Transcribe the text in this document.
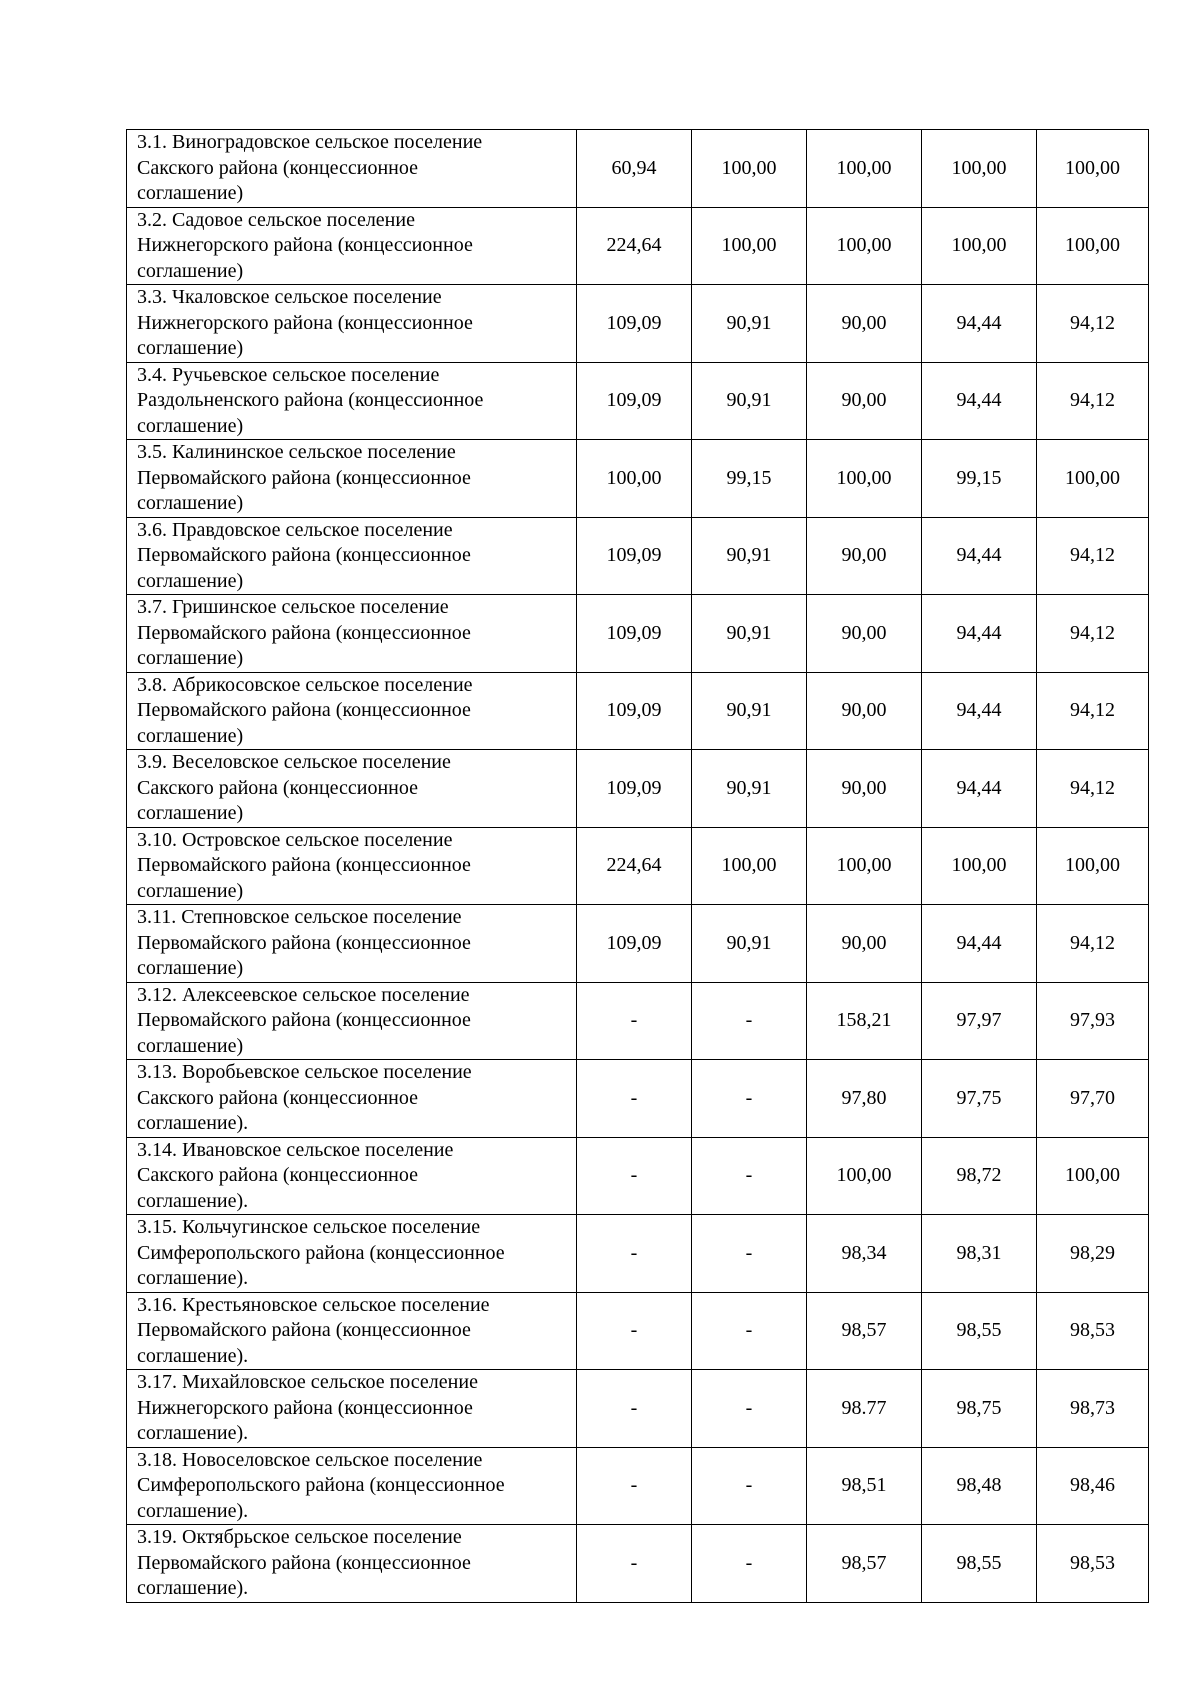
3.1. Виноградовское сельское поселение
Сакского района (концессионное
соглашение)	60,94	100,00	100,00	100,00	100,00

3.2. Садовое сельское поселение
Нижнегорского района (концессионное
соглашение)	224,64	100,00	100,00	100,00	100,00

3.3. Чкаловское сельское поселение
Нижнегорского района (концессионное
соглашение)	109,09	90,91	90,00	94,44	94,12

3.4. Ручьевское сельское поселение
Раздольненского района (концессионное
соглашение)	109,09	90,91	90,00	94,44	94,12

3.5. Калининское сельское поселение
Первомайского района (концессионное
соглашение)	100,00	99,15	100,00	99,15	100,00

3.6. Правдовское сельское поселение
Первомайского района (концессионное
соглашение)	109,09	90,91	90,00	94,44	94,12

3.7. Гришинское сельское поселение
Первомайского района (концессионное
соглашение)	109,09	90,91	90,00	94,44	94,12

3.8. Абрикосовское сельское поселение
Первомайского района (концессионное
соглашение)	109,09	90,91	90,00	94,44	94,12

3.9. Веселовское сельское поселение
Сакского района (концессионное
соглашение)	109,09	90,91	90,00	94,44	94,12

3.10. Островское сельское поселение
Первомайского района (концессионное
соглашение)	224,64	100,00	100,00	100,00	100,00

3.11. Степновское сельское поселение
Первомайского района (концессионное
соглашение)	109,09	90,91	90,00	94,44	94,12

3.12. Алексеевское сельское поселение
Первомайского района (концессионное
соглашение)	-	-	158,21	97,97	97,93

3.13. Воробьевское сельское поселение
Сакского района (концессионное
соглашение).	-	-	97,80	97,75	97,70

3.14. Ивановское сельское поселение
Сакского района (концессионное
соглашение).	-	-	100,00	98,72	100,00

3.15. Кольчугинское сельское поселение
Симферопольского района (концессионное
соглашение).	-	-	98,34	98,31	98,29

3.16. Крестьяновское сельское поселение
Первомайского района (концессионное
соглашение).	-	-	98,57	98,55	98,53

3.17. Михайловское сельское поселение
Нижнегорского района (концессионное
соглашение).	-	-	98.77	98,75	98,73

3.18. Новоселовское сельское поселение
Симферопольского района (концессионное
соглашение).	-	-	98,51	98,48	98,46

3.19. Октябрьское сельское поселение
Первомайского района (концессионное
соглашение).	-	-	98,57	98,55	98,53
